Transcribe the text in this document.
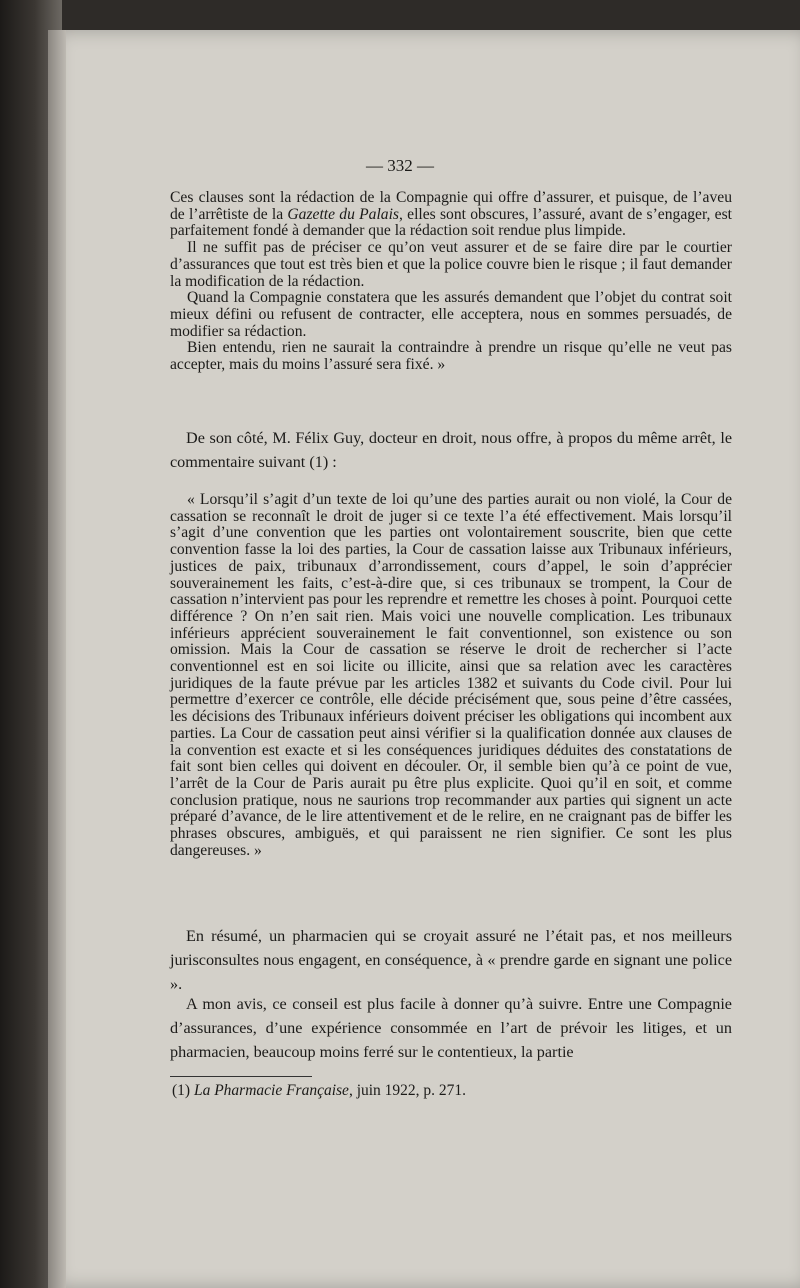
— 332 —

Ces clauses sont la rédaction de la Compagnie qui offre d’assurer, et puisque, de l’aveu de l’arrêtiste de la Gazette du Palais, elles sont obscures, l’assuré, avant de s’engager, est parfaitement fondé à demander que la rédaction soit rendue plus limpide.

Il ne suffit pas de préciser ce qu’on veut assurer et de se faire dire par le courtier d’assurances que tout est très bien et que la police couvre bien le risque ; il faut demander la modification de la rédaction.

Quand la Compagnie constatera que les assurés demandent que l’objet du contrat soit mieux défini ou refusent de contracter, elle acceptera, nous en sommes persuadés, de modifier sa rédaction.

Bien entendu, rien ne saurait la contraindre à prendre un risque qu’elle ne veut pas accepter, mais du moins l’assuré sera fixé. »

De son côté, M. Félix Guy, docteur en droit, nous offre, à propos du même arrêt, le commentaire suivant (1) :

« Lorsqu’il s’agit d’un texte de loi qu’une des parties aurait ou non violé, la Cour de cassation se reconnaît le droit de juger si ce texte l’a été effectivement. Mais lorsqu’il s’agit d’une convention que les parties ont volontairement souscrite, bien que cette convention fasse la loi des parties, la Cour de cassation laisse aux Tribunaux inférieurs, justices de paix, tribunaux d’arrondissement, cours d’appel, le soin d’apprécier souverainement les faits, c’est-à-dire que, si ces tribunaux se trompent, la Cour de cassation n’intervient pas pour les reprendre et remettre les choses à point. Pourquoi cette différence ? On n’en sait rien. Mais voici une nouvelle complication. Les tribunaux inférieurs apprécient souverainement le fait conventionnel, son existence ou son omission. Mais la Cour de cassation se réserve le droit de rechercher si l’acte conventionnel est en soi licite ou illicite, ainsi que sa relation avec les caractères juridiques de la faute prévue par les articles 1382 et suivants du Code civil. Pour lui permettre d’exercer ce contrôle, elle décide précisément que, sous peine d’être cassées, les décisions des Tribunaux inférieurs doivent préciser les obligations qui incombent aux parties. La Cour de cassation peut ainsi vérifier si la qualification donnée aux clauses de la convention est exacte et si les conséquences juridiques déduites des constatations de fait sont bien celles qui doivent en découler. Or, il semble bien qu’à ce point de vue, l’arrêt de la Cour de Paris aurait pu être plus explicite. Quoi qu’il en soit, et comme conclusion pratique, nous ne saurions trop recommander aux parties qui signent un acte préparé d’avance, de le lire attentivement et de le relire, en ne craignant pas de biffer les phrases obscures, ambiguës, et qui paraissent ne rien signifier. Ce sont les plus dangereuses. »

En résumé, un pharmacien qui se croyait assuré ne l’était pas, et nos meilleurs jurisconsultes nous engagent, en conséquence, à « prendre garde en signant une police ».

A mon avis, ce conseil est plus facile à donner qu’à suivre. Entre une Compagnie d’assurances, d’une expérience consommée en l’art de prévoir les litiges, et un pharmacien, beaucoup moins ferré sur le contentieux, la partie

(1) La Pharmacie Française, juin 1922, p. 271.
